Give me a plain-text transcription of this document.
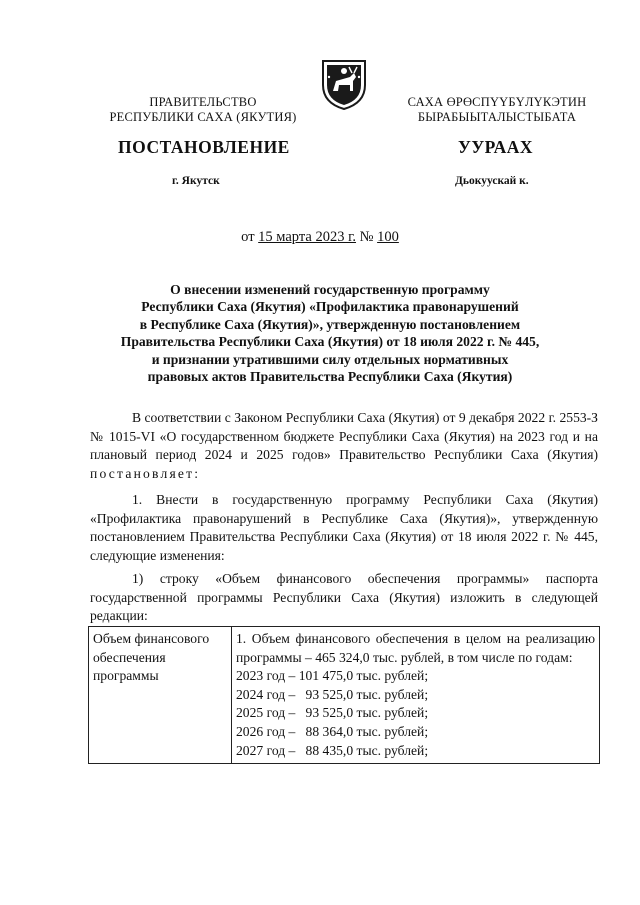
ПРАВИТЕЛЬСТВО
РЕСПУБЛИКИ САХА (ЯКУТИЯ)
САХА ӨРӨСПҮҮБҮЛҮКЭТИН
БЫРАБЫЫТАЛЫСТЫБАТА
ПОСТАНОВЛЕНИЕ	УУРААХ
г. Якутск	Дьокуускай к.
от 15 марта 2023 г. № 100
О внесении изменений государственную программу
Республики Саха (Якутия) «Профилактика правонарушений
в Республике Саха (Якутия)», утвержденную постановлением
Правительства Республики Саха (Якутия) от 18 июля 2022 г. № 445,
и признании утратившими силу отдельных нормативных
правовых актов Правительства Республики Саха (Якутия)

В соответствии с Законом Республики Саха (Якутия) от 9 декабря 2022 г. 2553-З № 1015-VI «О государственном бюджете Республики Саха (Якутия) на 2023 год и на плановый период 2024 и 2025 годов» Правительство Республики Саха (Якутия) постановляет:

1. Внести в государственную программу Республики Саха (Якутия) «Профилактика правонарушений в Республике Саха (Якутия)», утвержденную постановлением Правительства Республики Саха (Якутия) от 18 июля 2022 г. № 445, следующие изменения:

1) строку «Объем финансового обеспечения программы» паспорта государственной программы Республики Саха (Якутия) изложить в следующей редакции:

Объем финансового обеспечения программы	1. Объем финансового обеспечения в целом на реализацию программы – 465 324,0 тыс. рублей, в том числе по годам:
2023 год – 101 475,0 тыс. рублей;
2024 год –   93 525,0 тыс. рублей;
2025 год –   93 525,0 тыс. рублей;
2026 год –   88 364,0 тыс. рублей;
2027 год –   88 435,0 тыс. рублей;
